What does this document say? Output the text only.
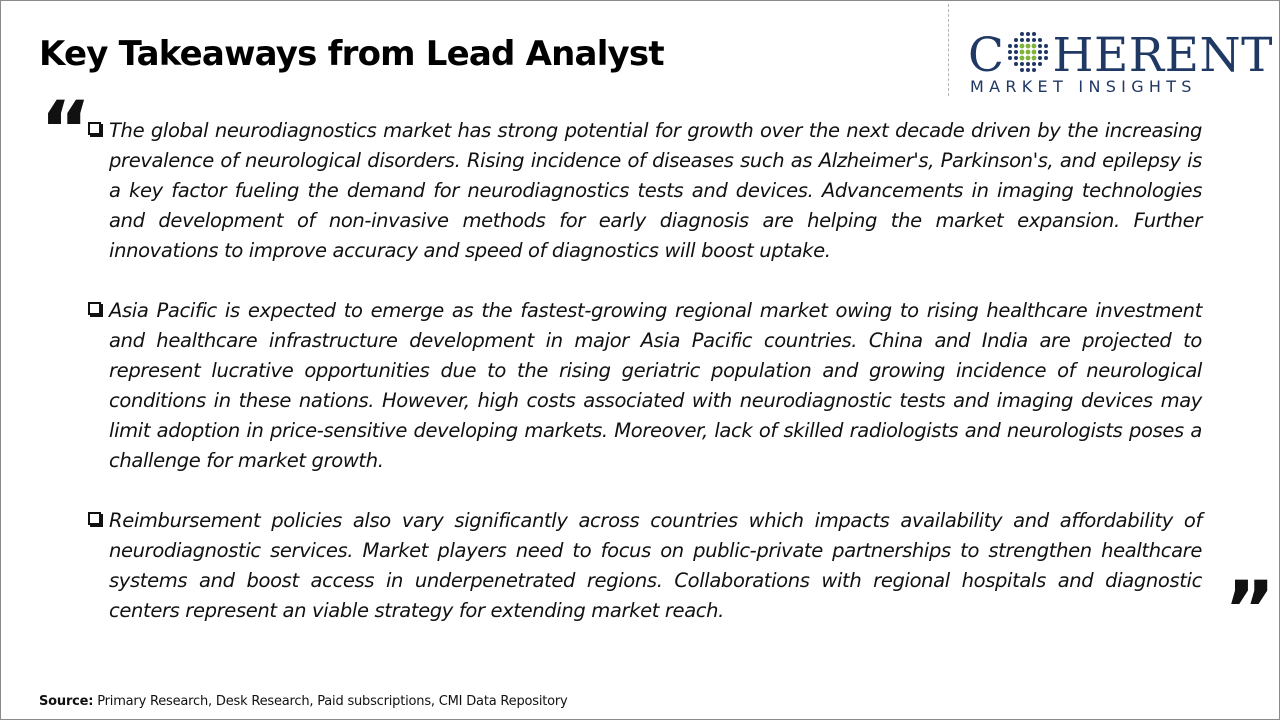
Key Takeaways from Lead Analyst	C HERENT
MARKET INSIGHTS
“ The global neurodiagnostics market has strong potential for growth over the next decade driven by the increasing prevalence of neurological disorders. Rising incidence of diseases such as Alzheimer's, Parkinson's, and epilepsy is a key factor fueling the demand for neurodiagnostics tests and devices. Advancements in imaging technologies and development of non-invasive methods for early diagnosis are helping the market expansion. Further innovations to improve accuracy and speed of diagnostics will boost uptake.
Asia Pacific is expected to emerge as the fastest-growing regional market owing to rising healthcare investment and healthcare infrastructure development in major Asia Pacific countries. China and India are projected to represent lucrative opportunities due to the rising geriatric population and growing incidence of neurological conditions in these nations. However, high costs associated with neurodiagnostic tests and imaging devices may limit adoption in price-sensitive developing markets. Moreover, lack of skilled radiologists and neurologists poses a challenge for market growth.
Reimbursement policies also vary significantly across countries which impacts availability and affordability of neurodiagnostic services. Market players need to focus on public-private partnerships to strengthen healthcare systems and boost access in underpenetrated regions. Collaborations with regional hospitals and diagnostic centers represent an viable strategy for extending market reach.	”
Source: Primary Research, Desk Research, Paid subscriptions, CMI Data Repository
